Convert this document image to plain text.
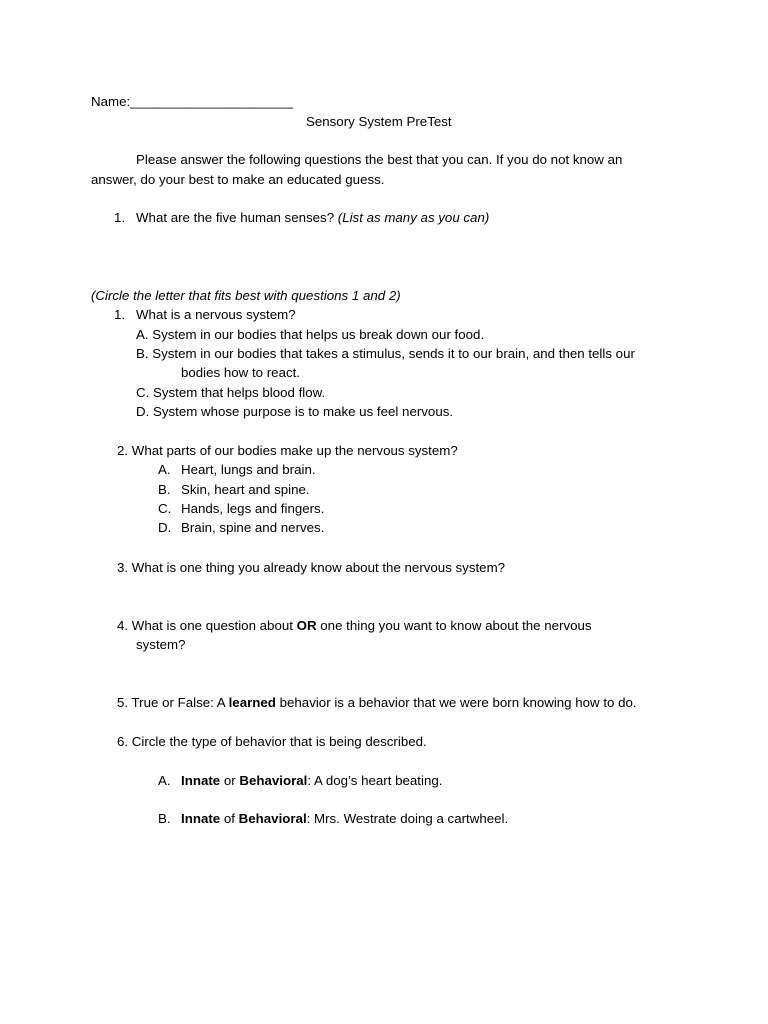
Name:______________________
Sensory System PreTest
Please answer the following questions the best that you can. If you do not know an
answer, do your best to make an educated guess.
1. What are the five human senses? (List as many as you can)
(Circle the letter that fits best with questions 1 and 2)
1. What is a nervous system?
A. System in our bodies that helps us break down our food.
B. System in our bodies that takes a stimulus, sends it to our brain, and then tells our
bodies how to react.
C. System that helps blood flow.
D. System whose purpose is to make us feel nervous.
2. What parts of our bodies make up the nervous system?
A. Heart, lungs and brain.
B. Skin, heart and spine.
C. Hands, legs and fingers.
D. Brain, spine and nerves.
3. What is one thing you already know about the nervous system?
4. What is one question about OR one thing you want to know about the nervous
system?
5. True or False: A learned behavior is a behavior that we were born knowing how to do.
6. Circle the type of behavior that is being described.
A. Innate or Behavioral: A dog’s heart beating.
B. Innate of Behavioral: Mrs. Westrate doing a cartwheel.
